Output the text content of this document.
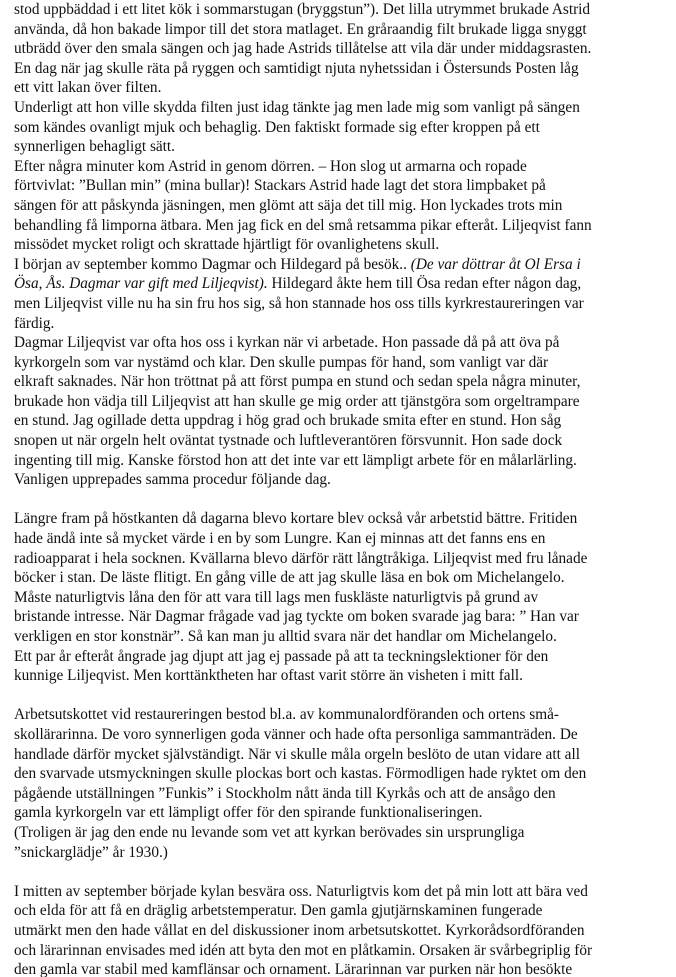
stod uppbäddad i ett litet kök i sommarstugan (bryggstun”). Det lilla utrymmet brukade Astrid
använda, då hon bakade limpor till det stora matlaget. En gråraandig filt brukade ligga snyggt
utbrädd över den smala sängen och jag hade Astrids tillåtelse att vila där under middagsrasten.
En dag när jag skulle räta på ryggen och samtidigt njuta nyhetssidan i Östersunds Posten låg
ett vitt lakan över filten.
Underligt att hon ville skydda filten just idag tänkte jag men lade mig som vanligt på sängen
som kändes ovanligt mjuk och behaglig. Den faktiskt formade sig efter kroppen på ett
synnerligen behagligt sätt.
Efter några minuter kom Astrid in genom dörren. – Hon slog ut armarna och ropade
förtvivlat: ”Bullan min” (mina bullar)! Stackars Astrid hade lagt det stora limpbaket på
sängen för att påskynda jäsningen, men glömt att säja det till mig. Hon lyckades trots min
behandling få limporna ätbara. Men jag fick en del små retsamma pikar efteråt. Liljeqvist fann
missödet mycket roligt och skrattade hjärtligt för ovanlighetens skull.
I början av september kommo Dagmar och Hildegard på besök.. (De var döttrar åt Ol Ersa i
Ösa, Ås. Dagmar var gift med Liljeqvist). Hildegard åkte hem till Ösa redan efter någon dag,
men Liljeqvist ville nu ha sin fru hos sig, så hon stannade hos oss tills kyrkrestaureringen var
färdig.
Dagmar Liljeqvist var ofta hos oss i kyrkan när vi arbetade. Hon passade då på att öva på
kyrkorgeln som var nystämd och klar. Den skulle pumpas för hand, som vanligt var där
elkraft saknades. När hon tröttnat på att först pumpa en stund och sedan spela några minuter,
brukade hon vädja till Liljeqvist att han skulle ge mig order att tjänstgöra som orgeltrampare
en stund. Jag ogillade detta uppdrag i hög grad och brukade smita efter en stund. Hon såg
snopen ut när orgeln helt oväntat tystnade och luftleverantören försvunnit. Hon sade dock
ingenting till mig. Kanske förstod hon att det inte var ett lämpligt arbete för en målarlärling.
Vanligen upprepades samma procedur följande dag.
Längre fram på höstkanten då dagarna blevo kortare blev också vår arbetstid bättre. Fritiden
hade ändå inte så mycket värde i en by som Lungre. Kan ej minnas att det fanns ens en
radioapparat i hela socknen. Kvällarna blevo därför rätt långtråkiga. Liljeqvist med fru lånade
böcker i stan. De läste flitigt. En gång ville de att jag skulle läsa en bok om Michelangelo.
Måste naturligtvis låna den för att vara till lags men fuskläste naturligtvis på grund av
bristande intresse. När Dagmar frågade vad jag tyckte om boken svarade jag bara: ” Han var
verkligen en stor konstnär”. Så kan man ju alltid svara när det handlar om Michelangelo.
Ett par år efteråt ångrade jag djupt att jag ej passade på att ta teckningslektioner för den
kunnige Liljeqvist. Men korttänktheten har oftast varit större än visheten i mitt fall.
Arbetsutskottet vid restaureringen bestod bl.a. av kommunalordföranden och ortens små-
skollärarinna. De voro synnerligen goda vänner och hade ofta personliga sammanträden. De
handlade därför mycket självständigt. När vi skulle måla orgeln beslöto de utan vidare att all
den svarvade utsmyckningen skulle plockas bort och kastas. Förmodligen hade ryktet om den
pågående utställningen ”Funkis” i Stockholm nått ända till Kyrkås och att de ansågo den
gamla kyrkorgeln var ett lämpligt offer för den spirande funktionaliseringen.
(Troligen är jag den ende nu levande som vet att kyrkan berövades sin ursprungliga
”snickarglädje” år 1930.)
I mitten av september började kylan besvära oss. Naturligtvis kom det på min lott att bära ved
och elda för att få en dräglig arbetstemperatur. Den gamla gjutjärnskaminen fungerade
utmärkt men den hade vållat en del diskussioner inom arbetsutskottet. Kyrkorådsordföranden
och lärarinnan envisades med idén att byta den mot en plåtkamin. Orsaken är svårbegriplig för
den gamla var stabil med kamflänsar och ornament. Lärarinnan var purken när hon besökte
